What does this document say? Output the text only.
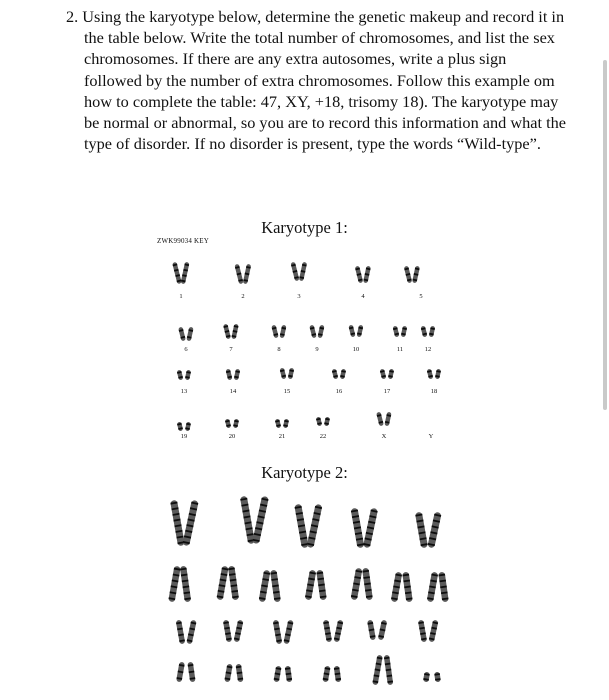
2. Using the karyotype below, determine the genetic makeup and record it in the table below. Write the total number of chromosomes, and list the sex chromosomes. If there are any extra autosomes, write a plus sign followed by the number of extra chromosomes. Follow this example om how to complete the table: 47, XY, +18, trisomy 18). The karyotype may be normal or abnormal, so you are to record this information and what the type of disorder. If no disorder is present, type the words “Wild-type”.
Karyotype 1:
ZWK99034 KEY
1	2	3	4	5
6	7	8	9	10	11	12
13	14	15	16	17	18
19	20	21	22	X	Y
Karyotype 2:
